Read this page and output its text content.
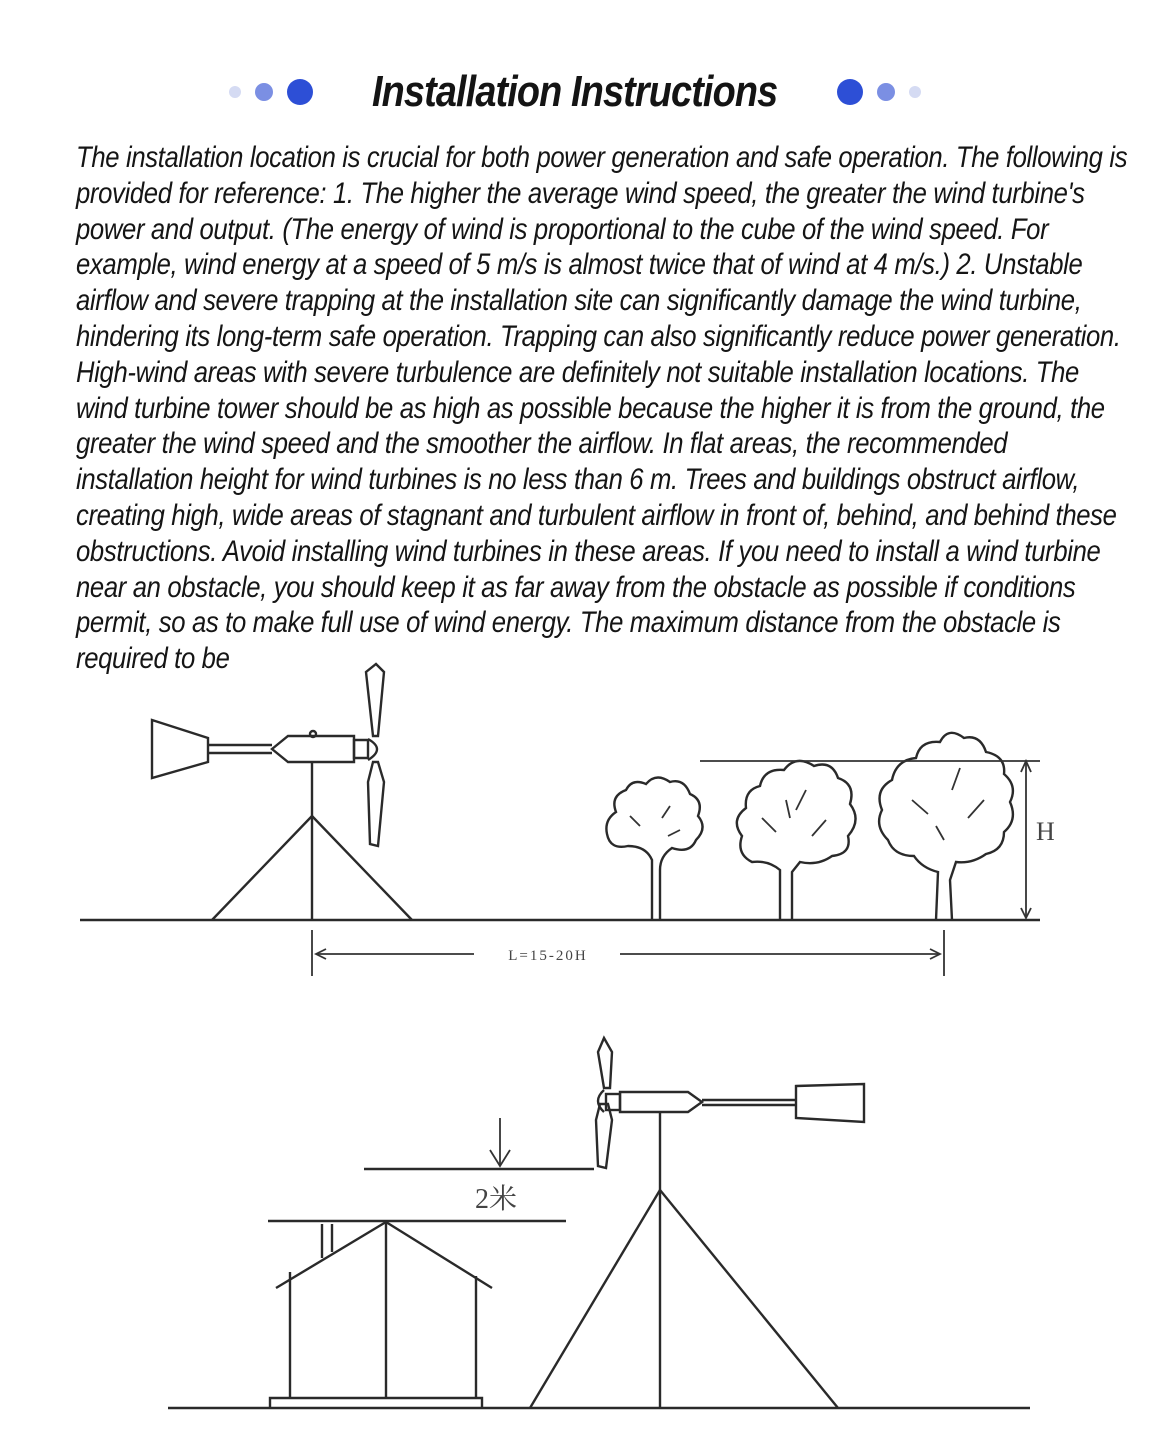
Installation Instructions

The installation location is crucial for both power generation and safe operation. The following is provided for reference: 1. The higher the average wind speed, the greater the wind turbine's power and output. (The energy of wind is proportional to the cube of the wind speed. For example, wind energy at a speed of 5 m/s is almost twice that of wind at 4 m/s.) 2. Unstable airflow and severe trapping at the installation site can significantly damage the wind turbine, hindering its long-term safe operation. Trapping can also significantly reduce power generation. High-wind areas with severe turbulence are definitely not suitable installation locations. The wind turbine tower should be as high as possible because the higher it is from the ground, the greater the wind speed and the smoother the airflow. In flat areas, the recommended installation height for wind turbines is no less than 6 m. Trees and buildings obstruct airflow, creating high, wide areas of stagnant and turbulent airflow in front of, behind, and behind these obstructions. Avoid installing wind turbines in these areas. If you need to install a wind turbine near an obstacle, you should keep it as far away from the obstacle as possible if conditions permit, so as to make full use of wind energy. The maximum distance from the obstacle is required to be

H
L=15-20H
2米
